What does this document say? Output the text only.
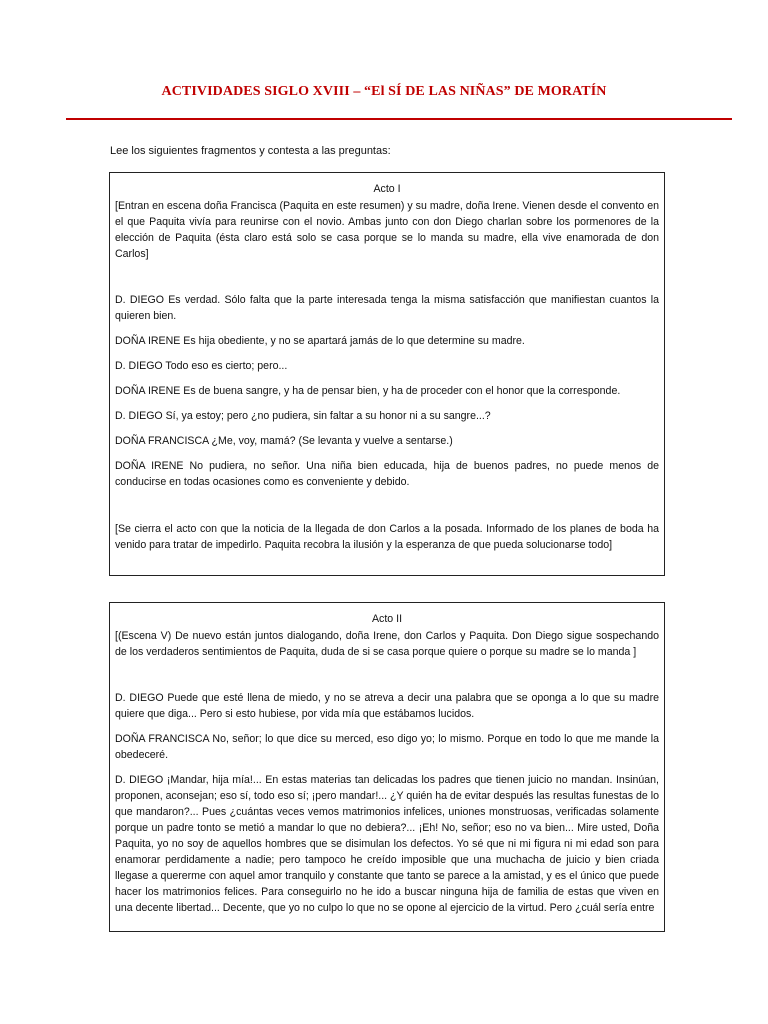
ACTIVIDADES SIGLO XVIII – “El SÍ DE LAS NIÑAS” DE MORATÍN
Lee los siguientes fragmentos y contesta a las preguntas:
Acto I

[Entran en escena doña Francisca (Paquita en este resumen) y su madre, doña Irene. Vienen desde el convento en el que Paquita vivía para reunirse con el novio. Ambas junto con don Diego charlan sobre los pormenores de la elección de Paquita (ésta claro está solo se casa porque se lo manda su madre, ella vive enamorada de don Carlos]

D. DIEGO Es verdad. Sólo falta que la parte interesada tenga la misma satisfacción que manifiestan cuantos la quieren bien.

DOÑA IRENE Es hija obediente, y no se apartará jamás de lo que determine su madre.

D. DIEGO Todo eso es cierto; pero...

DOÑA IRENE Es de buena sangre, y ha de pensar bien, y ha de proceder con el honor que la corresponde.

D. DIEGO Sí, ya estoy; pero ¿no pudiera, sin faltar a su honor ni a su sangre...?

DOÑA FRANCISCA ¿Me, voy, mamá? (Se levanta y vuelve a sentarse.)

DOÑA IRENE No pudiera, no señor. Una niña bien educada, hija de buenos padres, no puede menos de conducirse en todas ocasiones como es conveniente y debido.

[Se cierra el acto con que la noticia de la llegada de don Carlos a la posada. Informado de los planes de boda ha venido para tratar de impedirlo. Paquita recobra la ilusión y la esperanza de que pueda solucionarse todo]

Acto II

[(Escena V) De nuevo están juntos dialogando, doña Irene, don Carlos y Paquita. Don Diego sigue sospechando de los verdaderos sentimientos de Paquita, duda de si se casa porque quiere o porque su madre se lo manda ]

D. DIEGO Puede que esté llena de miedo, y no se atreva a decir una palabra que se oponga a lo que su madre quiere que diga... Pero si esto hubiese, por vida mía que estábamos lucidos.

DOÑA FRANCISCA No, señor; lo que dice su merced, eso digo yo; lo mismo. Porque en todo lo que me mande la obedeceré.

D. DIEGO ¡Mandar, hija mía!... En estas materias tan delicadas los padres que tienen juicio no mandan. Insinúan, proponen, aconsejan; eso sí, todo eso sí; ¡pero mandar!... ¿Y quién ha de evitar después las resultas funestas de lo que mandaron?... Pues ¿cuántas veces vemos matrimonios infelices, uniones monstruosas, verificadas solamente porque un padre tonto se metió a mandar lo que no debiera?... ¡Eh! No, señor; eso no va bien... Mire usted, Doña Paquita, yo no soy de aquellos hombres que se disimulan los defectos. Yo sé que ni mi figura ni mi edad son para enamorar perdidamente a nadie; pero tampoco he creído imposible que una muchacha de juicio y bien criada llegase a quererme con aquel amor tranquilo y constante que tanto se parece a la amistad, y es el único que puede hacer los matrimonios felices. Para conseguirlo no he ido a buscar ninguna hija de familia de estas que viven en una decente libertad... Decente, que yo no culpo lo que no se opone al ejercicio de la virtud. Pero ¿cuál sería entre
